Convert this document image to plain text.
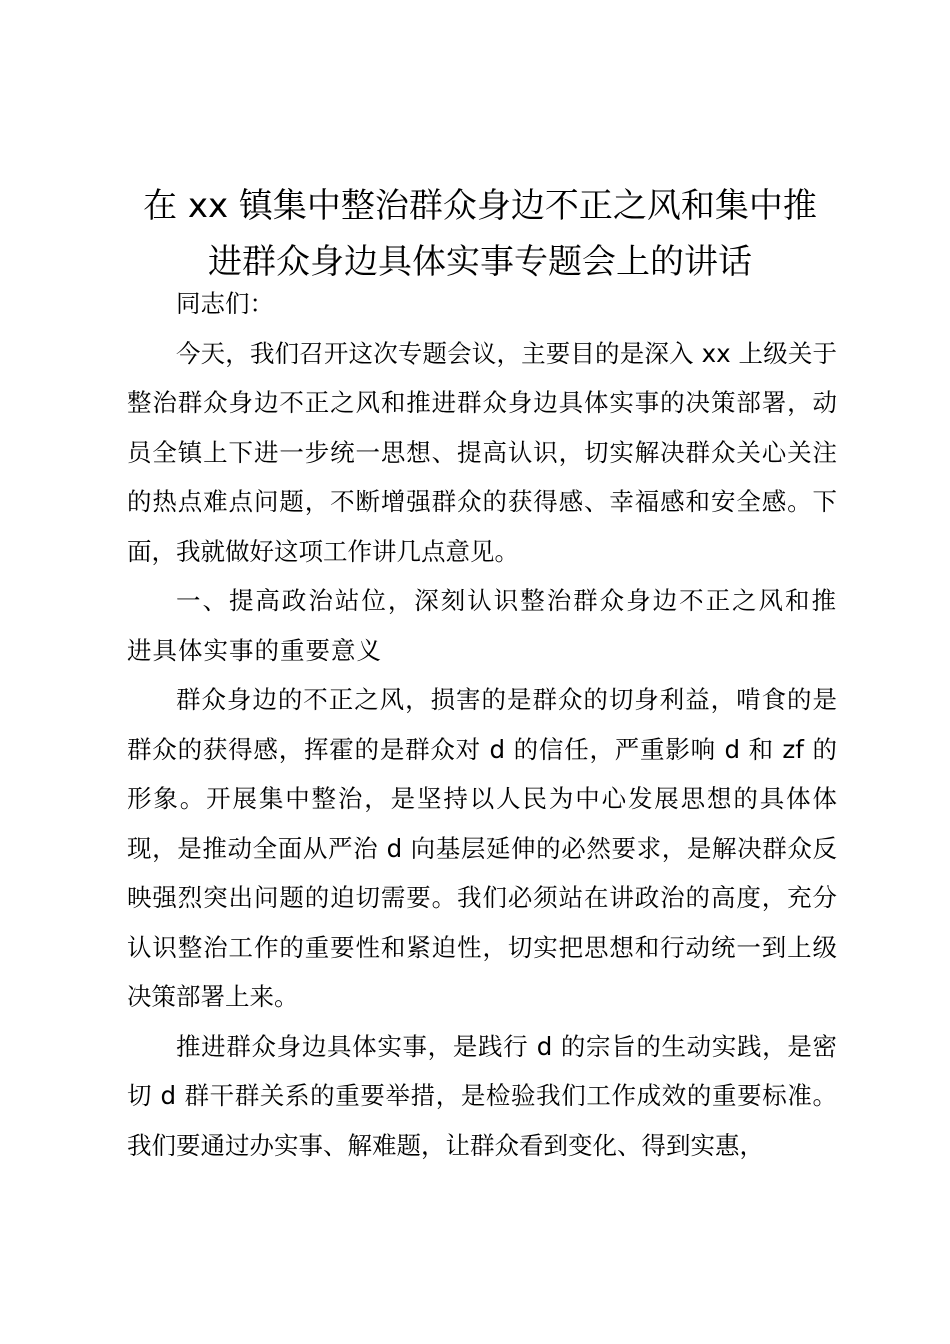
在 xx 镇集中整治群众身边不正之风和集中推
进群众身边具体实事专题会上的讲话

同志们：

今天，我们召开这次专题会议，主要目的是深入 xx 上级关于整治群众身边不正之风和推进群众身边具体实事的决策部署，动员全镇上下进一步统一思想、提高认识，切实解决群众关心关注的热点难点问题，不断增强群众的获得感、幸福感和安全感。下面，我就做好这项工作讲几点意见。

一、提高政治站位，深刻认识整治群众身边不正之风和推进具体实事的重要意义

群众身边的不正之风，损害的是群众的切身利益，啃食的是群众的获得感，挥霍的是群众对 d 的信任，严重影响 d 和 zf 的形象。开展集中整治，是坚持以人民为中心发展思想的具体体现，是推动全面从严治 d 向基层延伸的必然要求，是解决群众反映强烈突出问题的迫切需要。我们必须站在讲政治的高度，充分认识整治工作的重要性和紧迫性，切实把思想和行动统一到上级决策部署上来。

推进群众身边具体实事，是践行 d 的宗旨的生动实践，是密切 d 群干群关系的重要举措，是检验我们工作成效的重要标准。我们要通过办实事、解难题，让群众看到变化、得到实惠，
